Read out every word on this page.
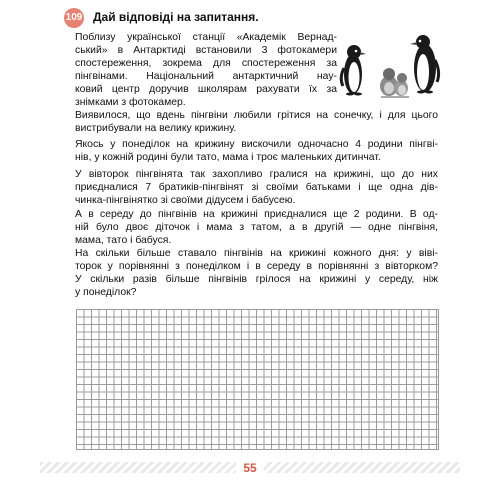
109 Дай відповіді на запитання.
Поблизу української станції «Академік Вернад -
ський» в Антарктиді встановили 3 фотокамери
спостереження, зокрема для спостереження за
пінгвінами. Національний антарктичний нау -
ковий центр доручив школярам рахувати їх за
знімками з фотокамер.
Виявилося, що вдень пінгвіни любили грітися на сонечку, і для цього
вистрибували на велику крижину.
Якось у понеділок на крижину вискочили одночасно 4 родини пінгві -
нів, у кожній родині були тато, мама і троє маленьких дитинчат.
У вівторок пінгвінята так захопливо гралися на крижині, що до них
приєдналися 7 братиків-пінгвінят зі своїми батьками і ще одна дів -
чинка-пінгвінятко зі своїми дідусем і бабусею.
А в середу до пінгвінів на крижині приєдналися ще 2 родини. В од -
ній було двоє діточок і мама з татом, а в другій — одне пінгвіня,
мама, тато і бабуся.
На скільки більше ставало пінгвінів на крижині кожного дня: у віві -
торок у порівнянні з понеділком і в середу в порівнянні з вівторком?
У скільки разів більше пінгвінів грілося на крижині у середу, ніж
у понеділок?
55
